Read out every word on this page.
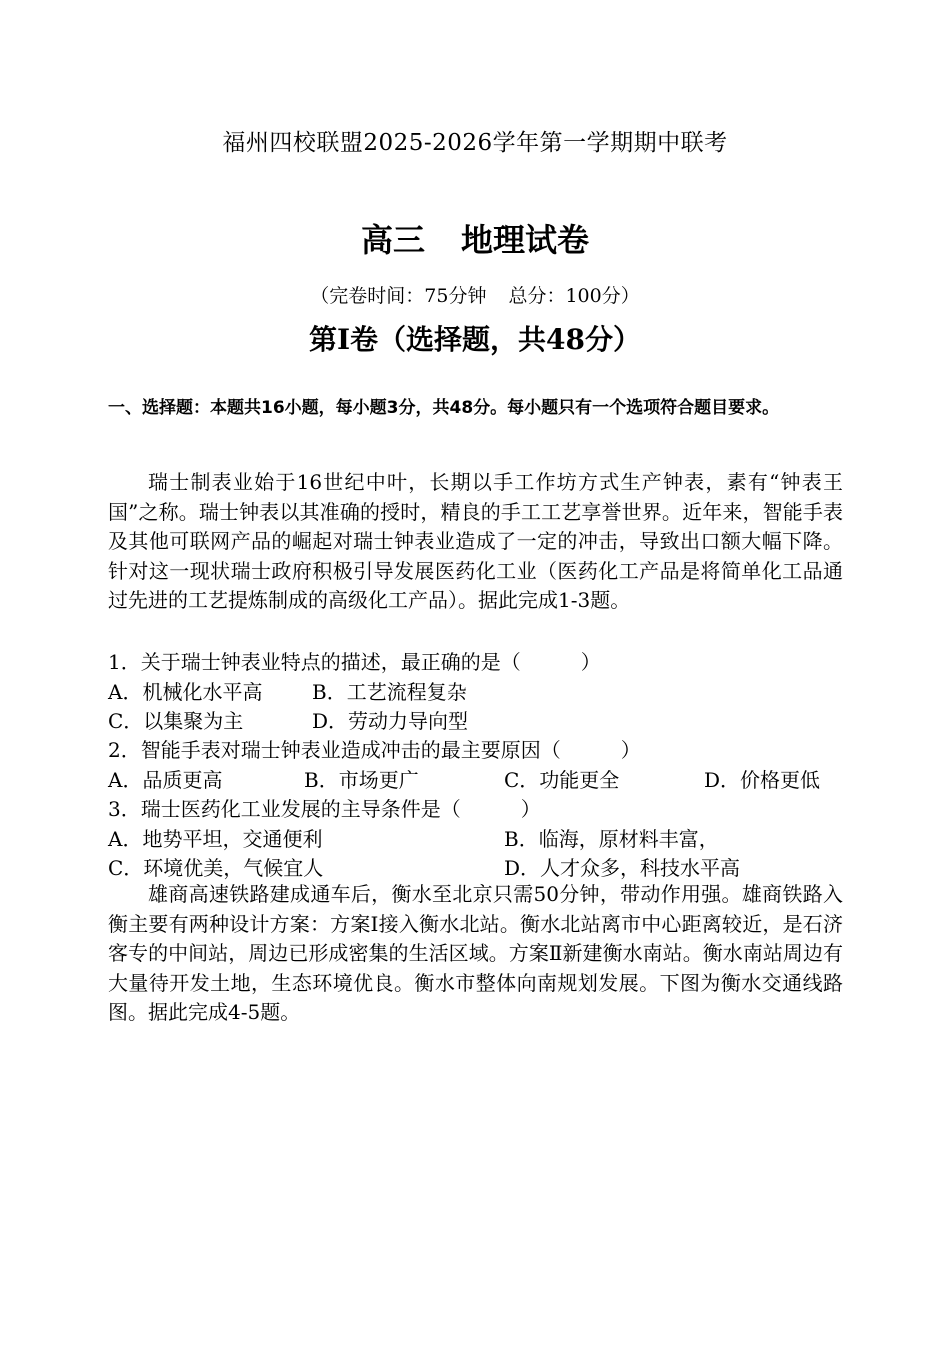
福州四校联盟2025-2026学年第一学期期中联考
高三 地理试卷
（完卷时间：75分钟 总分：100分）
第Ⅰ卷（选择题，共48分）
一、选择题：本题共16小题，每小题3分，共48分。每小题只有一个选项符合题目要求。

瑞士制表业始于16世纪中叶，长期以手工作坊方式生产钟表，素有“钟表王国”之称。瑞士钟表以其准确的授时，精良的手工工艺享誉世界。近年来，智能手表及其他可联网产品的崛起对瑞士钟表业造成了一定的冲击，导致出口额大幅下降。针对这一现状瑞士政府积极引导发展医药化工业（医药化工产品是将简单化工品通过先进的工艺提炼制成的高级化工产品）。据此完成1-3题。

1．关于瑞士钟表业特点的描述，最正确的是（　　　）
A．机械化水平高 B．工艺流程复杂
C．以集聚为主	D．劳动力导向型
2．智能手表对瑞士钟表业造成冲击的最主要原因（　　　）
A．品质更高	B．市场更广	C．功能更全	D．价格更低
3．瑞士医药化工业发展的主导条件是（　　　）
A．地势平坦，交通便利	B．临海，原材料丰富，
C．环境优美，气候宜人	D．人才众多，科技水平高

雄商高速铁路建成通车后，衡水至北京只需50分钟，带动作用强。雄商铁路入衡主要有两种设计方案：方案Ⅰ接入衡水北站。衡水北站离市中心距离较近，是石济客专的中间站，周边已形成密集的生活区域。方案Ⅱ新建衡水南站。衡水南站周边有大量待开发土地，生态环境优良。衡水市整体向南规划发展。下图为衡水交通线路图。据此完成4-5题。
